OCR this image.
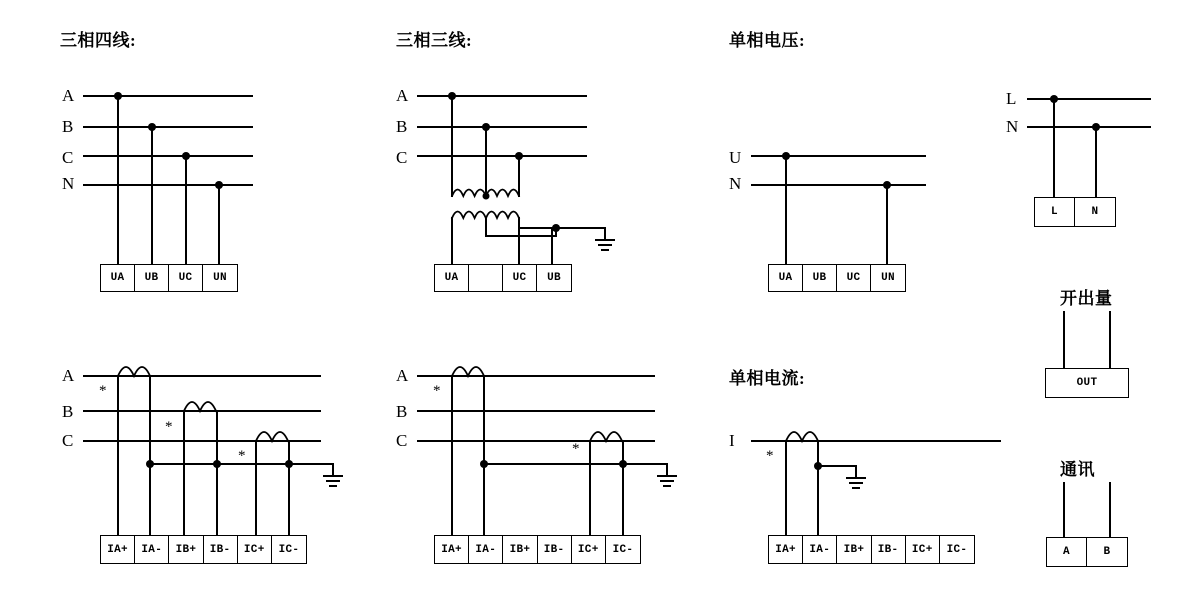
三相四线:	三相三线:	单相电压:
单相电流:
开出量
通讯
A
B
C
N
A
B
C	U
N
L
N
A
B
C
*
*
*
A
B
C
*
*	I
*
UA	UB	UC	UN	UA	UC	UB	UA	UB	UC	UN
L	N
OUT
A	B
IA+	IA-	IB+	IB-	IC+	IC-	IA+	IA-	IB+	IB-	IC+	IC-	IA+	IA-	IB+	IB-	IC+	IC-
